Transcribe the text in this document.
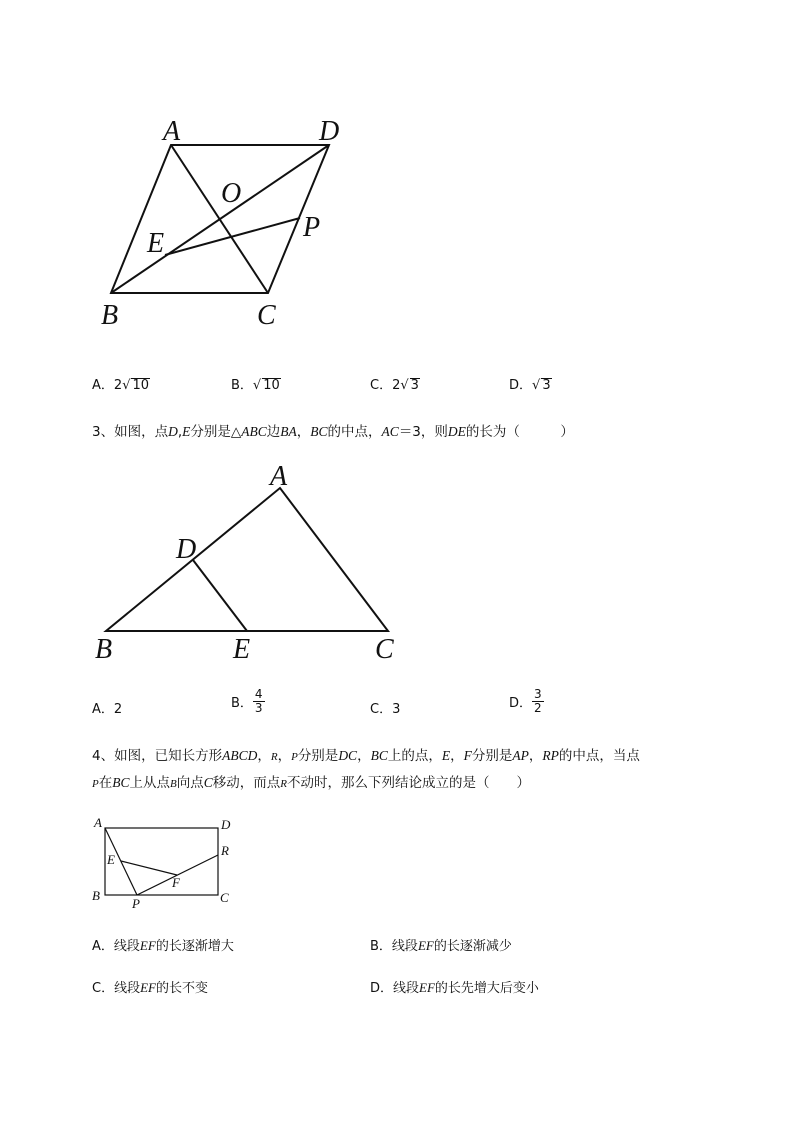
A	D
O
E
P
B	C
A．2√ 10	B．√ 10	C．2√ 3	D．√ 3
3、如图，点D,E分别是△ABC边BA，BC的中点，AC＝3，则DE的长为（　　　）
A
D
B	E	C
A．2	B． $\frac{4}{3}$	C．3	D． $\frac{3}{2}$
4、如图，已知长方形ABCD，R，P分别是DC，BC上的点，E，F分别是AP，RP的中点，当点
P在BC上从点B向点C移动，而点R不动时，那么下列结论成立的是（　　）
A	D
E
R
F
B
P	C
A．线段EF的长逐渐增大	B．线段EF的长逐渐减少
C．线段EF的长不变	D．线段EF的长先增大后变小
